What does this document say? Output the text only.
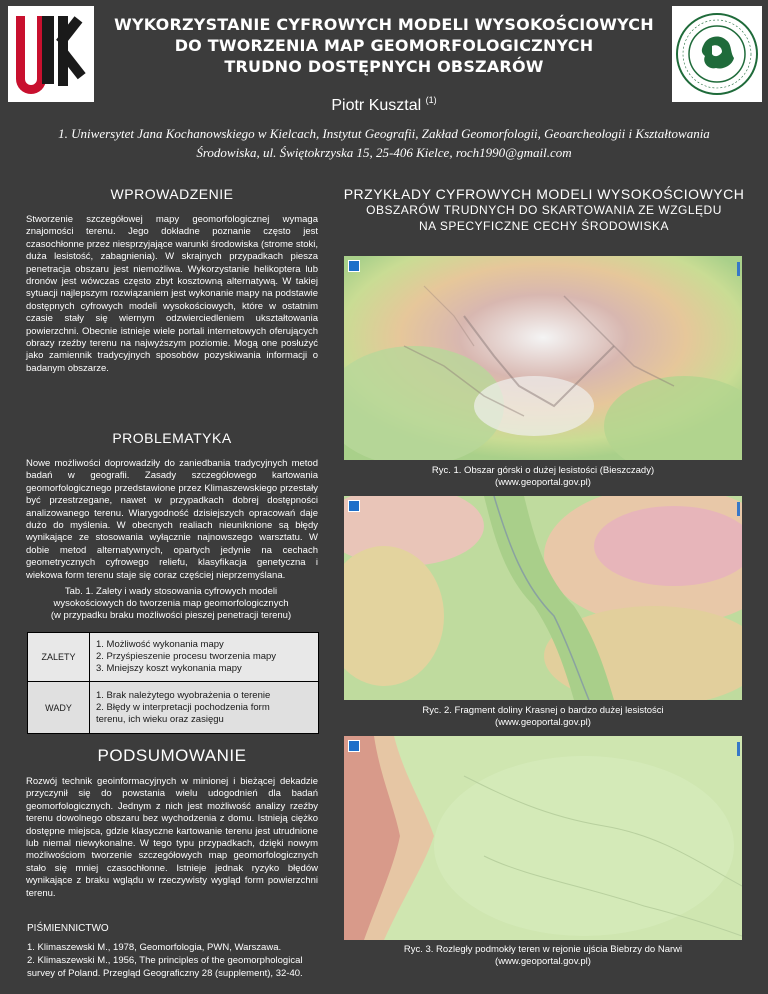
WYKORZYSTANIE CYFROWYCH MODELI WYSOKOŚCIOWYCH
DO TWORZENIA MAP GEOMORFOLOGICZNYCH
TRUDNO DOSTĘPNYCH OBSZARÓW
Piotr Kusztal $^{(1)}$
1. Uniwersytet Jana Kochanowskiego w Kielcach, Instytut Geografii, Zakład Geomorfologii, Geoarcheologii i Kształtowania
Środowiska, ul. Świętokrzyska 15, 25-406 Kielce, roch1990@gmail.com
WPROWADZENIE
Stworzenie szczegółowej mapy geomorfologicznej wymaga znajomości terenu. Jego dokładne poznanie często jest czasochłonne przez niesprzyjające warunki środowiska (strome stoki, duża lesistość, zabagnienia). W skrajnych przypadkach piesza penetracja obszaru jest niemożliwa. Wykorzystanie helikoptera lub dronów jest wówczas często zbyt kosztowną alternatywą. W takiej sytuacji najlepszym rozwiązaniem jest wykonanie mapy na podstawie dostępnych cyfrowych modeli wysokościowych, które w ostatnim czasie stały się wiernym odzwierciedleniem ukształtowania powierzchni. Obecnie istnieje wiele portali internetowych oferujących obrazy rzeźby terenu na najwyższym poziomie. Mogą one posłużyć jako zamiennik tradycyjnych sposobów pozyskiwania informacji o badanym obszarze.
PROBLEMATYKA
Nowe możliwości doprowadziły do zaniedbania tradycyjnych metod badań w geografii. Zasady szczegółowego kartowania geomorfologicznego przedstawione przez Klimaszewskiego przestały być przestrzegane, nawet w przypadkach dobrej dostępności analizowanego terenu. Wiarygodność dzisiejszych opracowań daje dużo do myślenia. W obecnych realiach nieuniknione są błędy wynikające ze stosowania wyłącznie najnowszego warsztatu. W dobie metod alternatywnych, opartych jedynie na cechach geometrycznych cyfrowego reliefu, klasyfikacja genetyczna i wiekowa form terenu staje się coraz częściej nieprzemyślana.
Tab. 1. Zalety i wady stosowania cyfrowych modeli
wysokościowych do tworzenia map geomorfologicznych
(w przypadku braku możliwości pieszej penetracji terenu)
ZALETY	1. Możliwość wykonania mapy
2. Przyśpieszenie procesu tworzenia mapy
3. Mniejszy koszt wykonania mapy
WADY	1. Brak należytego wyobrażenia o terenie
2. Błędy w interpretacji pochodzenia form
terenu, ich wieku oraz zasięgu
PODSUMOWANIE
Rozwój technik geoinformacyjnych w minionej i bieżącej dekadzie przyczynił się do powstania wielu udogodnień dla badań geomorfologicznych. Jednym z nich jest możliwość analizy rzeźby terenu dowolnego obszaru bez wychodzenia z domu. Istnieją ciężko dostępne miejsca, gdzie klasyczne kartowanie terenu jest utrudnione lub niemal niewykonalne. W tego typu przypadkach, dzięki nowym możliwościom tworzenie szczegółowych map geomorfologicznych stało się mniej czasochłonne. Istnieje jednak ryzyko błędów wynikające z braku wglądu w rzeczywisty wygląd form powierzchni terenu.
PIŚMIENNICTWO
1. Klimaszewski M., 1978, Geomorfologia, PWN, Warszawa.
2. Klimaszewski M., 1956, The principles of the geomorphological survey of Poland. Przegląd Geograficzny 28 (supplement), 32-40.
PRZYKŁADY CYFROWYCH MODELI WYSOKOŚCIOWYCH
OBSZARÓW TRUDNYCH DO SKARTOWANIA ZE WZGLĘDU
NA SPECYFICZNE CECHY ŚRODOWISKA
Ryc. 1. Obszar górski o dużej lesistości (Bieszczady)
(www.geoportal.gov.pl)
Ryc. 2. Fragment doliny Krasnej o bardzo dużej lesistości
(www.geoportal.gov.pl)
Ryc. 3. Rozległy podmokły teren w rejonie ujścia Biebrzy do Narwi
(www.geoportal.gov.pl)
